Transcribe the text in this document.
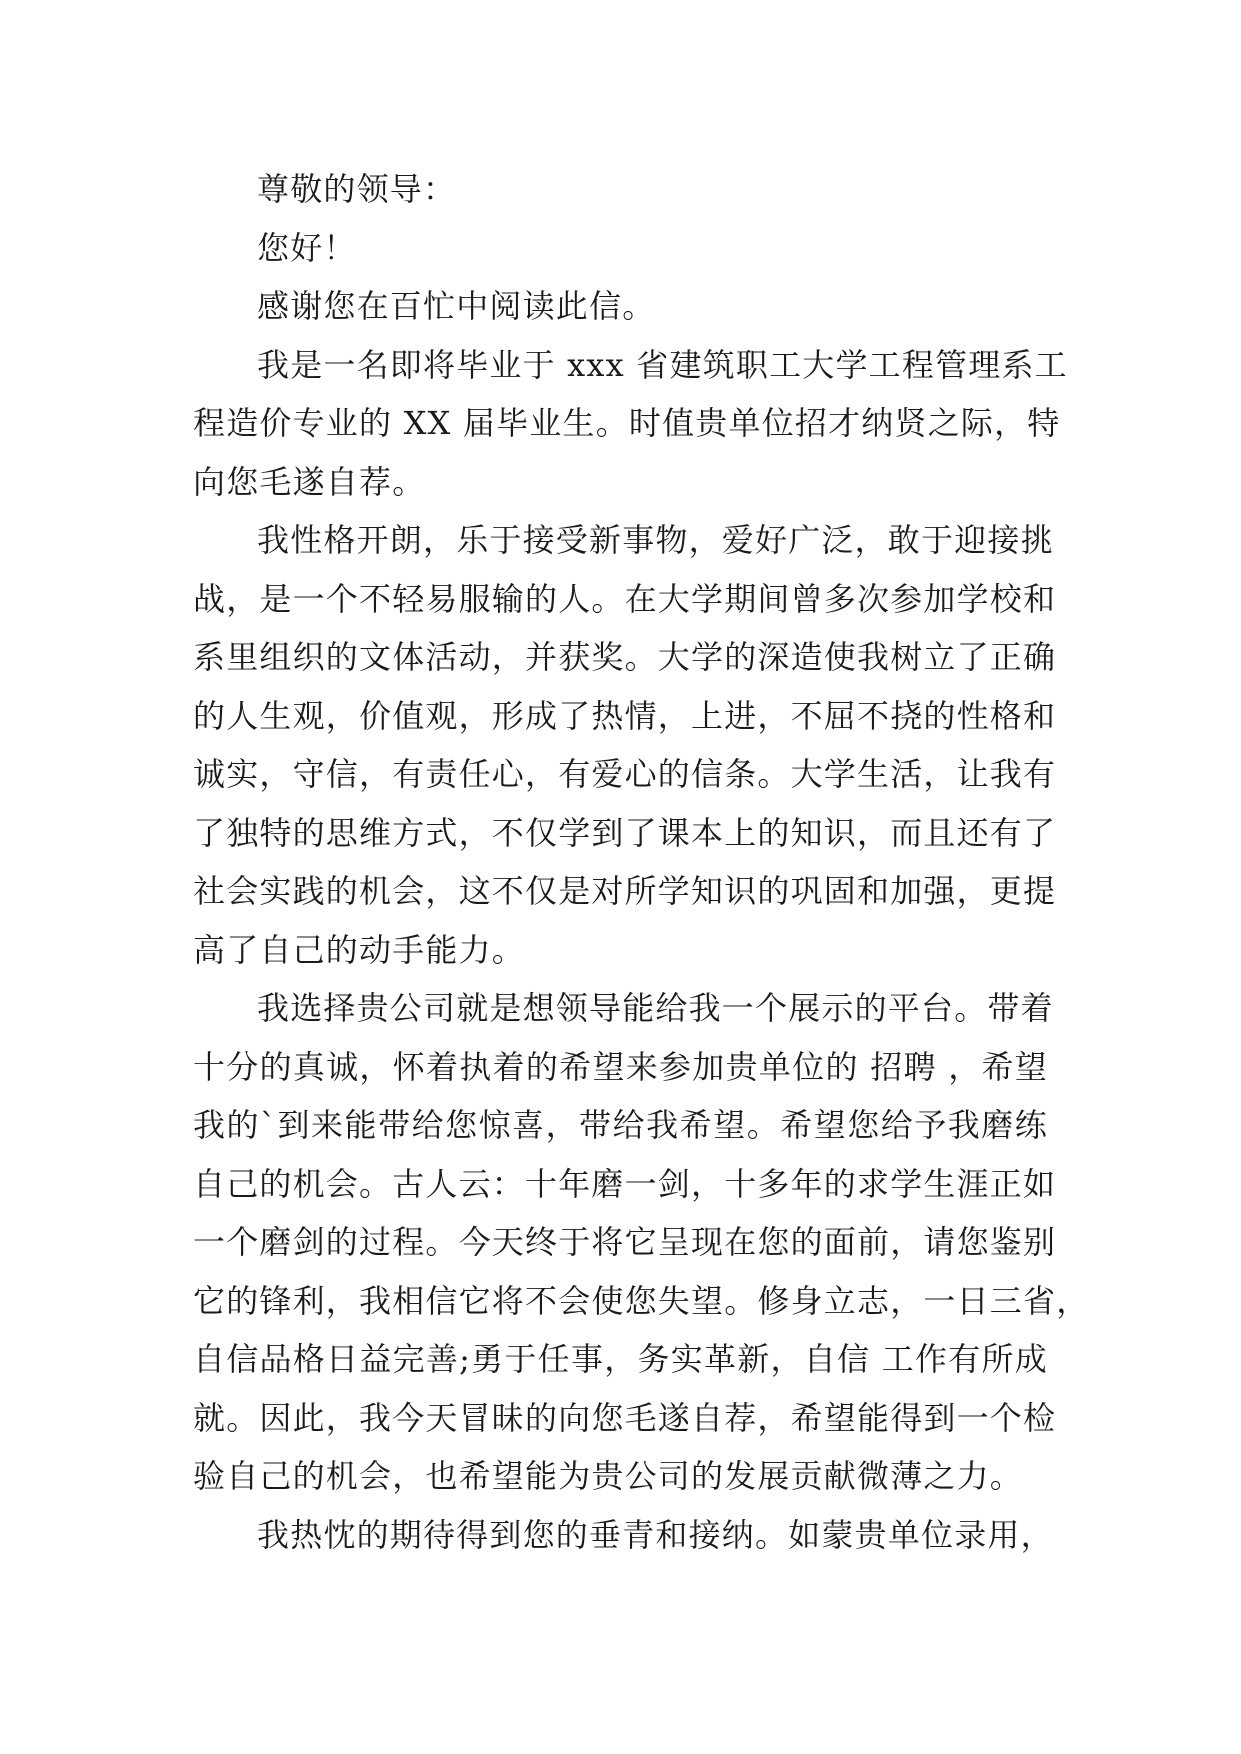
尊敬的领导：
您好！
感谢您在百忙中阅读此信。
我是一名即将毕业于 xxx 省建筑职工大学工程管理系工
程造价专业的 XX 届毕业生。时值贵单位招才纳贤之际，特
向您毛遂自荐。
我性格开朗，乐于接受新事物，爱好广泛，敢于迎接挑
战，是一个不轻易服输的人。在大学期间曾多次参加学校和
系里组织的文体活动，并获奖。大学的深造使我树立了正确
的人生观，价值观，形成了热情，上进，不屈不挠的性格和
诚实，守信，有责任心，有爱心的信条。大学生活，让我有
了独特的思维方式，不仅学到了课本上的知识，而且还有了
社会实践的机会，这不仅是对所学知识的巩固和加强，更提
高了自己的动手能力。
我选择贵公司就是想领导能给我一个展示的平台。带着
十分的真诚，怀着执着的希望来参加贵单位的 招聘 ，希望
我的`到来能带给您惊喜，带给我希望。希望您给予我磨练
自己的机会。古人云：十年磨一剑，十多年的求学生涯正如
一个磨剑的过程。今天终于将它呈现在您的面前，请您鉴别
它的锋利，我相信它将不会使您失望。修身立志，一日三省，
自信品格日益完善;勇于任事，务实革新，自信 工作有所成
就。因此，我今天冒昧的向您毛遂自荐，希望能得到一个检
验自己的机会，也希望能为贵公司的发展贡献微薄之力。
我热忱的期待得到您的垂青和接纳。如蒙贵单位录用，
